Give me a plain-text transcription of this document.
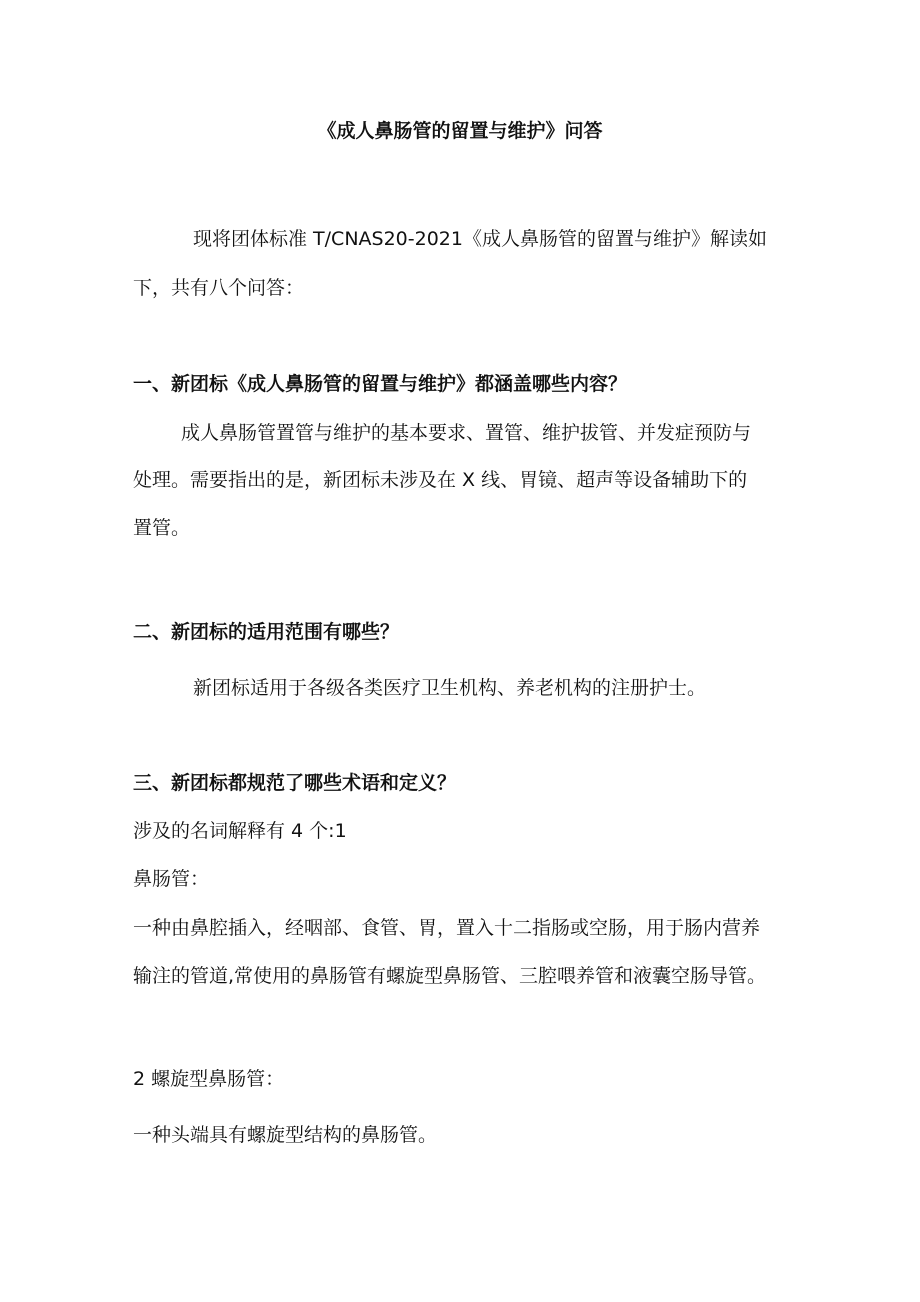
《成人鼻肠管的留置与维护》问答
现将团体标准 T/CNAS20-2021《成人鼻肠管的留置与维护》解读如
下，共有八个问答：
一、新团标《成人鼻肠管的留置与维护》都涵盖哪些内容？
成人鼻肠管置管与维护的基本要求、置管、维护拔管、并发症预防与
处理。需要指出的是，新团标未涉及在 X 线、胃镜、超声等设备辅助下的
置管。
二、新团标的适用范围有哪些？
新团标适用于各级各类医疗卫生机构、养老机构的注册护士。
三、新团标都规范了哪些术语和定义？
涉及的名词解释有 4 个:1
鼻肠管：
一种由鼻腔插入，经咽部、食管、胃，置入十二指肠或空肠，用于肠内营养
输注的管道,常使用的鼻肠管有螺旋型鼻肠管、三腔喂养管和液囊空肠导管。
2 螺旋型鼻肠管：
一种头端具有螺旋型结构的鼻肠管。
